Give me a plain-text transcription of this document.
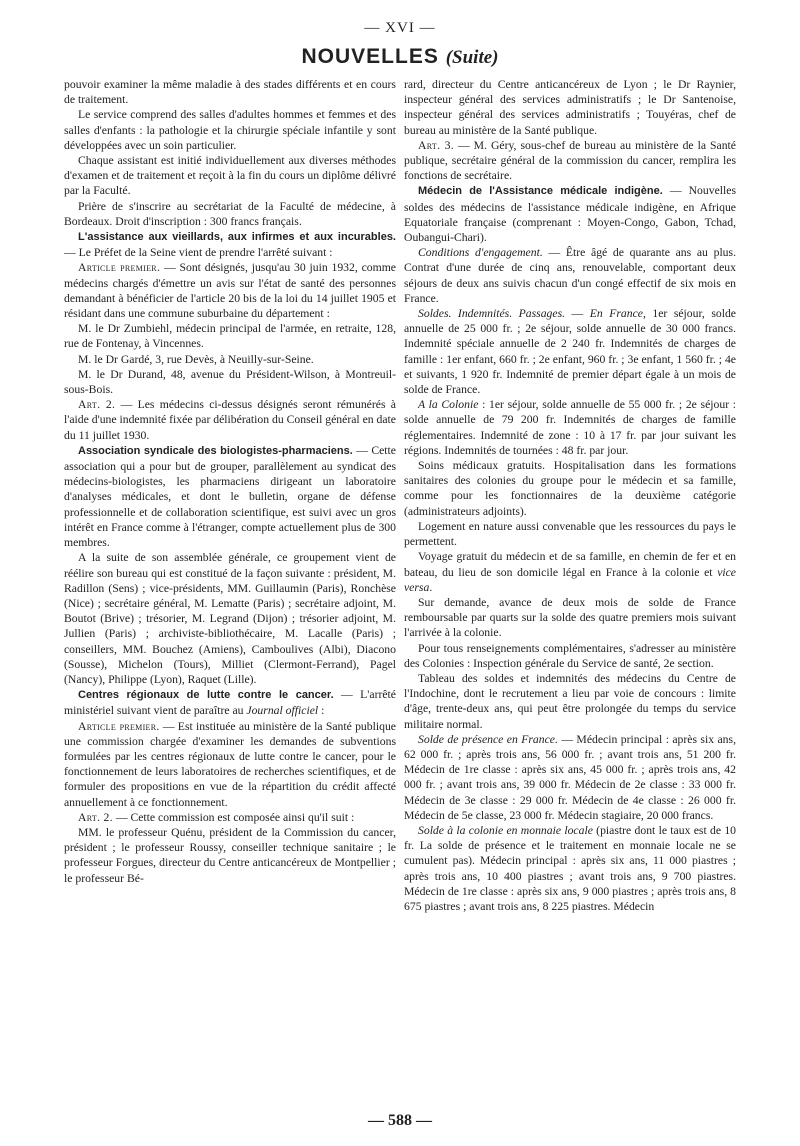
— XVI —
NOUVELLES (Suite)

pouvoir examiner la même maladie à des stades différents et en cours de traitement.

Le service comprend des salles d'adultes hommes et femmes et des salles d'enfants : la pathologie et la chirurgie spéciale infantile y sont développées avec un soin particulier.

Chaque assistant est initié individuellement aux diverses méthodes d'examen et de traitement et reçoit à la fin du cours un diplôme délivré par la Faculté.

Prière de s'inscrire au secrétariat de la Faculté de médecine, à Bordeaux. Droit d'inscription : 300 francs français.

L'assistance aux vieillards, aux infirmes et aux incurables. — Le Préfet de la Seine vient de prendre l'arrêté suivant :

Article premier. — Sont désignés, jusqu'au 30 juin 1932, comme médecins chargés d'émettre un avis sur l'état de santé des personnes demandant à bénéficier de l'article 20 bis de la loi du 14 juillet 1905 et résidant dans une commune suburbaine du département :

M. le Dr Zumbiehl, médecin principal de l'armée, en retraite, 128, rue de Fontenay, à Vincennes.

M. le Dr Gardé, 3, rue Devès, à Neuilly-sur-Seine.

M. le Dr Durand, 48, avenue du Président-Wilson, à Montreuil-sous-Bois.

Art. 2. — Les médecins ci-dessus désignés seront rémunérés à l'aide d'une indemnité fixée par délibération du Conseil général en date du 11 juillet 1930.

Association syndicale des biologistes-pharmaciens. — Cette association qui a pour but de grouper, parallèlement au syndicat des médecins-biologistes, les pharmaciens dirigeant un laboratoire d'analyses médicales, et dont le bulletin, organe de défense professionnelle et de collaboration scientifique, est suivi avec un gros intérêt en France comme à l'étranger, compte actuellement plus de 300 membres.

A la suite de son assemblée générale, ce groupement vient de réélire son bureau qui est constitué de la façon suivante : président, M. Radillon (Sens) ; vice-présidents, MM. Guillaumin (Paris), Ronchèse (Nice) ; secrétaire général, M. Lematte (Paris) ; secrétaire adjoint, M. Boutot (Brive) ; trésorier, M. Legrand (Dijon) ; trésorier adjoint, M. Jullien (Paris) ; archiviste-bibliothécaire, M. Lacalle (Paris) ; conseillers, MM. Bouchez (Amiens), Camboulives (Albi), Diacono (Sousse), Michelon (Tours), Milliet (Clermont-Ferrand), Pagel (Nancy), Philippe (Lyon), Raquet (Lille).

Centres régionaux de lutte contre le cancer. — L'arrêté ministériel suivant vient de paraître au Journal officiel :

Article premier. — Est instituée au ministère de la Santé publique une commission chargée d'examiner les demandes de subventions formulées par les centres régionaux de lutte contre le cancer, pour le fonctionnement de leurs laboratoires de recherches scientifiques, et de formuler des propositions en vue de la répartition du crédit affecté annuellement à ce fonctionnement.

Art. 2. — Cette commission est composée ainsi qu'il suit :

MM. le professeur Quénu, président de la Commission du cancer, président ; le professeur Roussy, conseiller technique sanitaire ; le professeur Forgues, directeur du Centre anticancéreux de Montpellier ; le professeur Bé-

rard, directeur du Centre anticancéreux de Lyon ; le Dr Raynier, inspecteur général des services administratifs ; le Dr Santenoise, inspecteur général des services administratifs ; Touyéras, chef de bureau au ministère de la Santé publique.

Art. 3. — M. Géry, sous-chef de bureau au ministère de la Santé publique, secrétaire général de la commission du cancer, remplira les fonctions de secrétaire.

Médecin de l'Assistance médicale indigène. — Nouvelles soldes des médecins de l'assistance médicale indigène, en Afrique Equatoriale française (comprenant : Moyen-Congo, Gabon, Tchad, Oubangui-Chari).

Conditions d'engagement. — Être âgé de quarante ans au plus. Contrat d'une durée de cinq ans, renouvelable, comportant deux séjours de deux ans suivis chacun d'un congé effectif de six mois en France.

Soldes. Indemnités. Passages. — En France, 1er séjour, solde annuelle de 25 000 fr. ; 2e séjour, solde annuelle de 30 000 francs. Indemnité spéciale annuelle de 2 240 fr. Indemnités de charges de famille : 1er enfant, 660 fr. ; 2e enfant, 960 fr. ; 3e enfant, 1 560 fr. ; 4e et suivants, 1 920 fr. Indemnité de premier départ égale à un mois de solde de France.

A la Colonie : 1er séjour, solde annuelle de 55 000 fr. ; 2e séjour : solde annuelle de 79 200 fr. Indemnités de charges de famille réglementaires. Indemnité de zone : 10 à 17 fr. par jour suivant les régions. Indemnités de tournées : 48 fr. par jour.

Soins médicaux gratuits. Hospitalisation dans les formations sanitaires des colonies du groupe pour le médecin et sa famille, comme pour les fonctionnaires de la deuxième catégorie (administrateurs adjoints).

Logement en nature aussi convenable que les ressources du pays le permettent.

Voyage gratuit du médecin et de sa famille, en chemin de fer et en bateau, du lieu de son domicile légal en France à la colonie et vice versa.

Sur demande, avance de deux mois de solde de France remboursable par quarts sur la solde des quatre premiers mois suivant l'arrivée à la colonie.

Pour tous renseignements complémentaires, s'adresser au ministère des Colonies : Inspection générale du Service de santé, 2e section.

Tableau des soldes et indemnités des médecins du Centre de l'Indochine, dont le recrutement a lieu par voie de concours : limite d'âge, trente-deux ans, qui peut être prolongée du temps du service militaire normal.

Solde de présence en France. — Médecin principal : après six ans, 62 000 fr. ; après trois ans, 56 000 fr. ; avant trois ans, 51 200 fr. Médecin de 1re classe : après six ans, 45 000 fr. ; après trois ans, 42 000 fr. ; avant trois ans, 39 000 fr. Médecin de 2e classe : 33 000 fr. Médecin de 3e classe : 29 000 fr. Médecin de 4e classe : 26 000 fr. Médecin de 5e classe, 23 000 fr. Médecin stagiaire, 20 000 francs.

Solde à la colonie en monnaie locale (piastre dont le taux est de 10 fr. La solde de présence et le traitement en monnaie locale ne se cumulent pas). Médecin principal : après six ans, 11 000 piastres ; après trois ans, 10 400 piastres ; avant trois ans, 9 700 piastres. Médecin de 1re classe : après six ans, 9 000 piastres ; après trois ans, 8 675 piastres ; avant trois ans, 8 225 piastres. Médecin

— 588 —
